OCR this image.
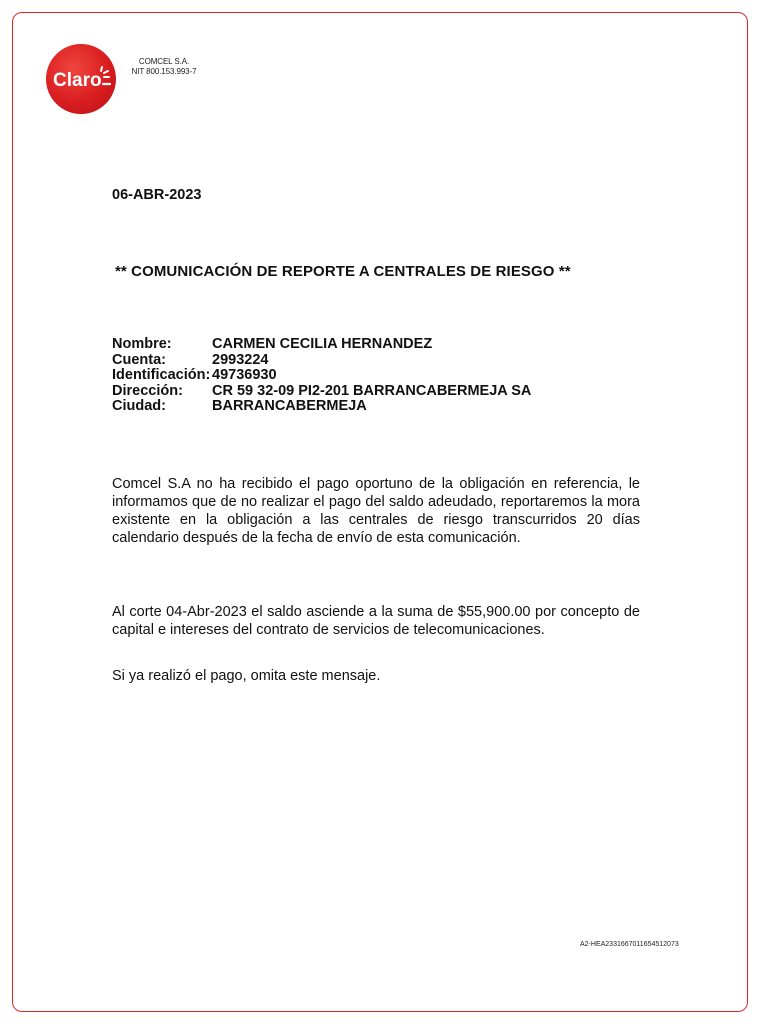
Claro
COMCEL S.A.
NIT 800.153.993-7
06-ABR-2023
** COMUNICACIÓN DE REPORTE A CENTRALES DE RIESGO **
Nombre:	CARMEN CECILIA HERNANDEZ
Cuenta:	2993224
Identificación: 49736930
Dirección: CR 59 32-09 PI2-201 BARRANCABERMEJA SA
Ciudad:	BARRANCABERMEJA

Comcel S.A no ha recibido el pago oportuno de la obligación en referencia, le informamos que de no realizar el pago del saldo adeudado, reportaremos la mora existente en la obligación a las centrales de riesgo transcurridos 20 días calendario después de la fecha de envío de esta comunicación.

Al corte 04-Abr-2023 el saldo asciende a la suma de $55,900.00 por concepto de capital e intereses del contrato de servicios de telecomunicaciones.

Si ya realizó el pago, omita este mensaje.

A2-HEA2331667011654512073
